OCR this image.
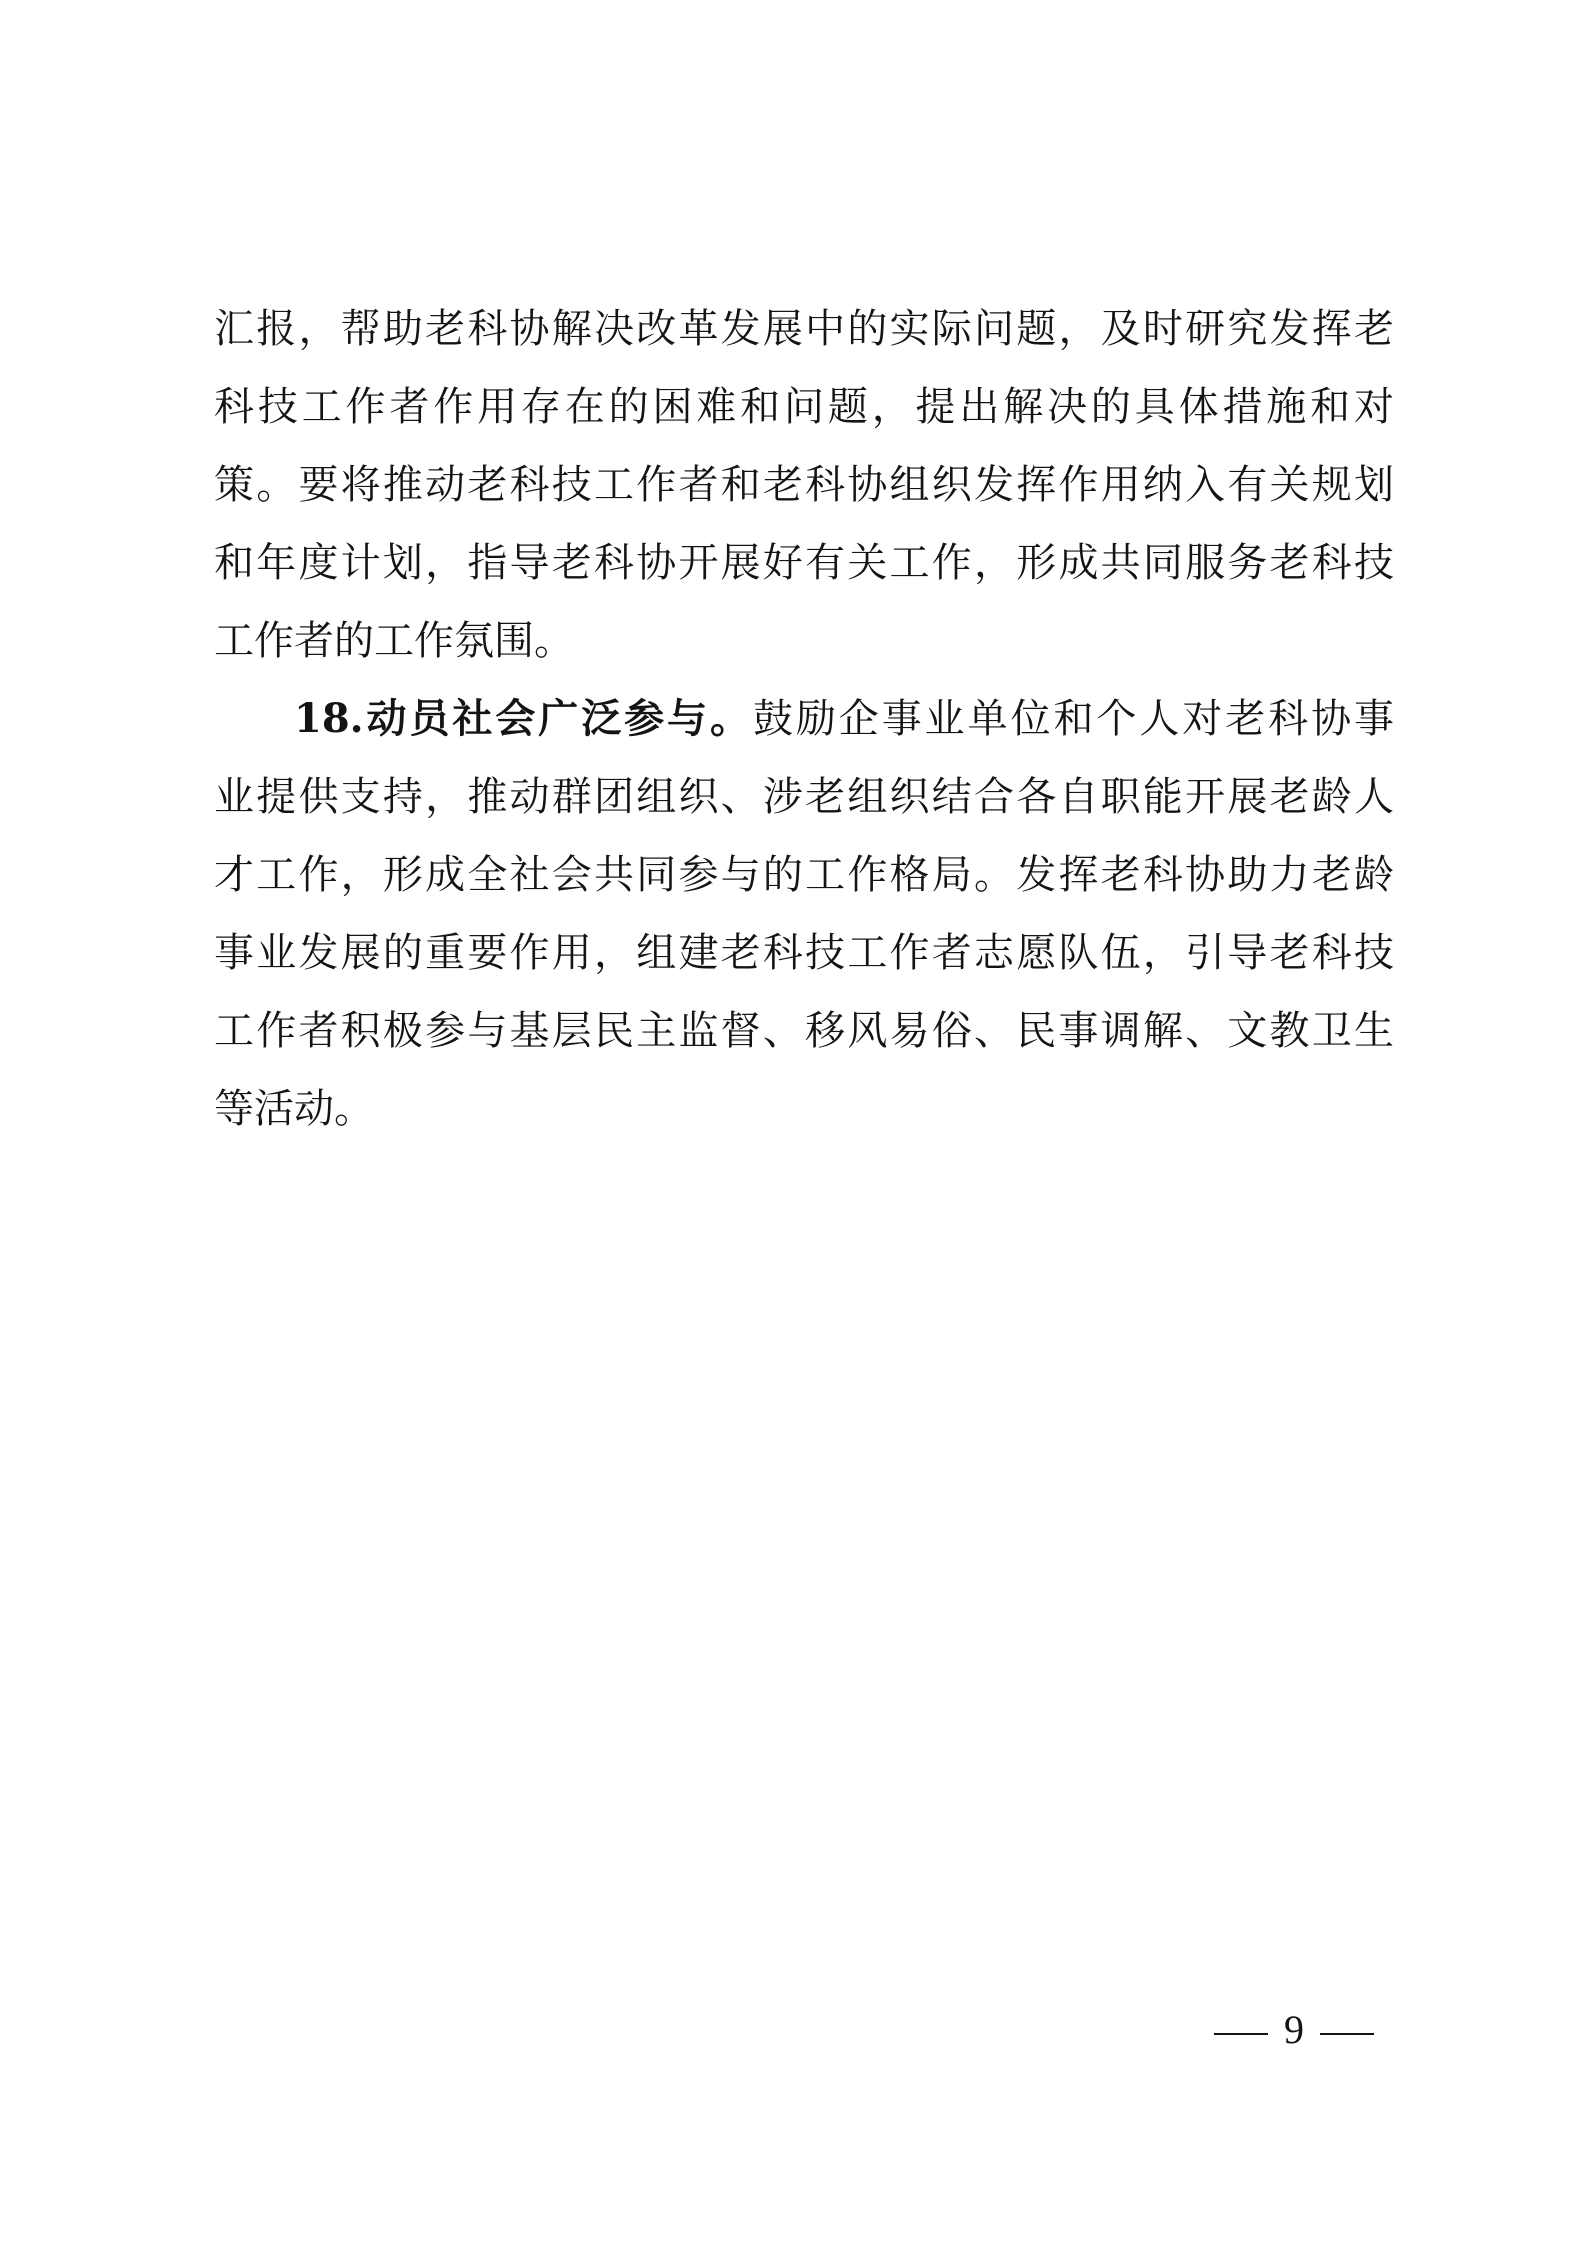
汇报，帮助老科协解决改革发展中的实际问题，及时研究发挥老
科技工作者作用存在的困难和问题，提出解决的具体措施和对
策。要将推动老科技工作者和老科协组织发挥作用纳入有关规划
和年度计划，指导老科协开展好有关工作，形成共同服务老科技
工作者的工作氛围。
18.动员社会广泛参与。鼓励企事业单位和个人对老科协事
业提供支持，推动群团组织、涉老组织结合各自职能开展老龄人
才工作，形成全社会共同参与的工作格局。发挥老科协助力老龄
事业发展的重要作用，组建老科技工作者志愿队伍，引导老科技
工作者积极参与基层民主监督、移风易俗、民事调解、文教卫生
等活动。
9
